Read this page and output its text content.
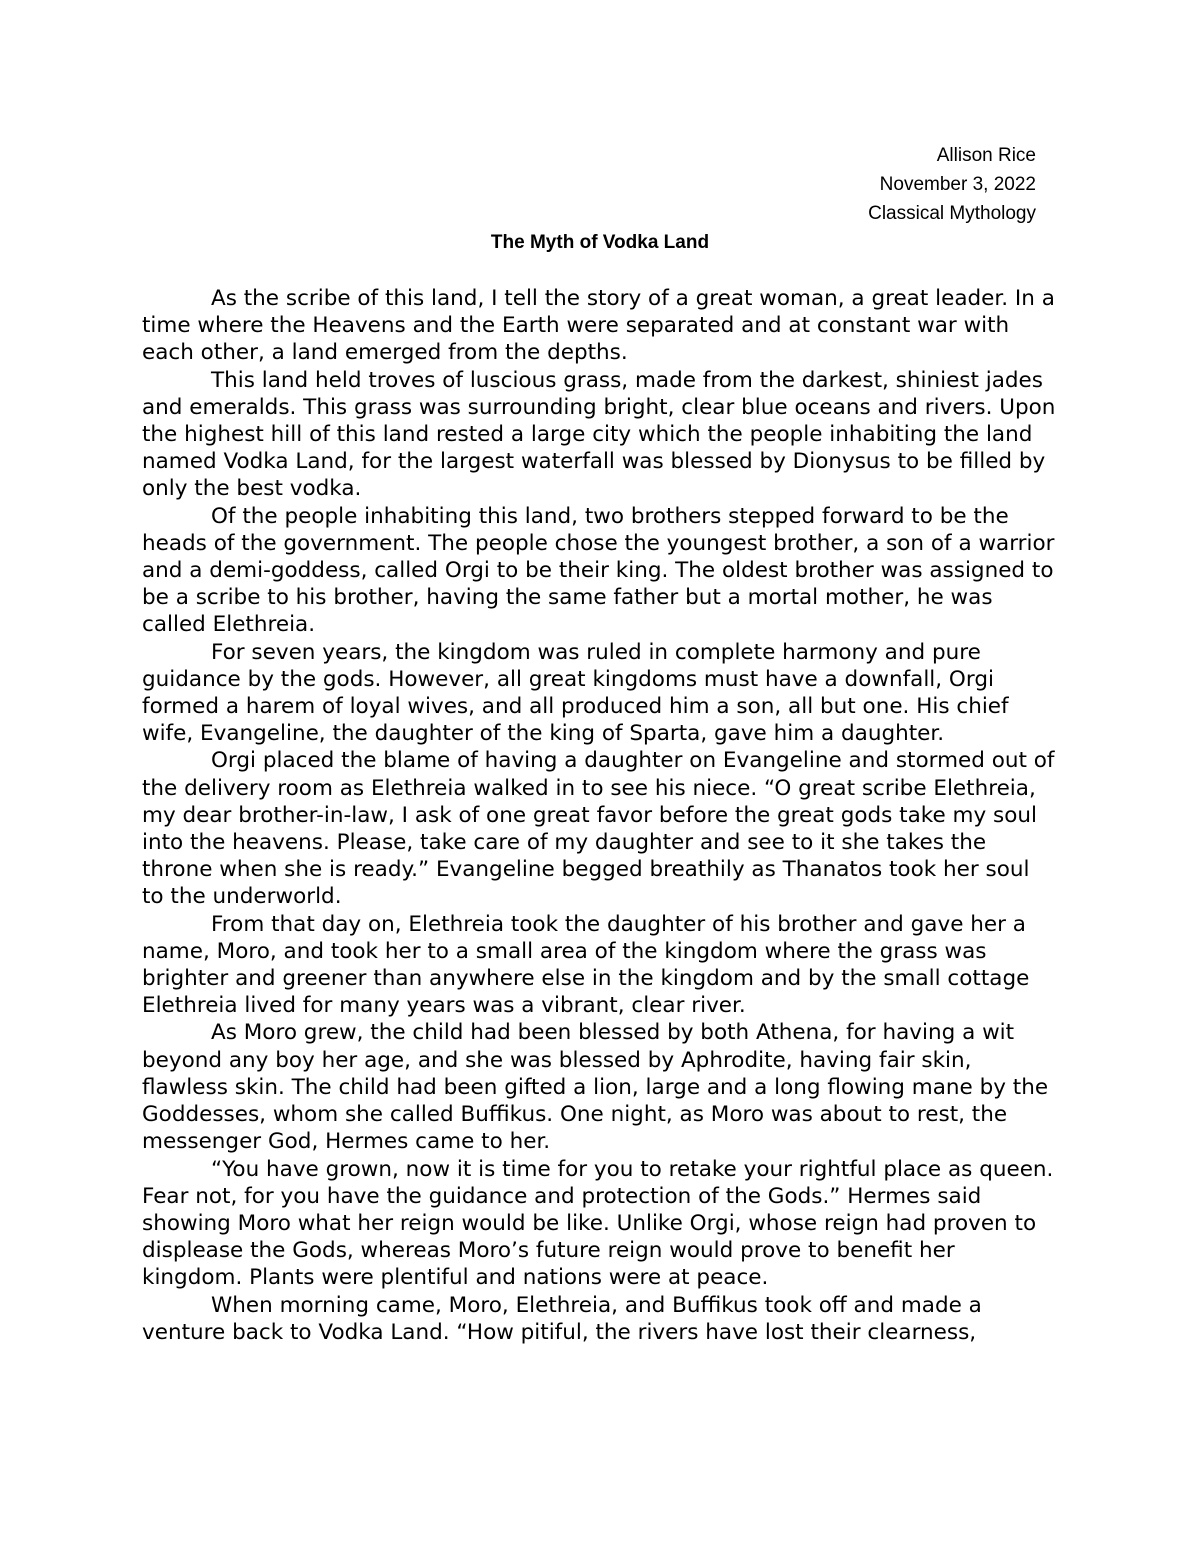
Allison Rice
November 3, 2022
Classical Mythology
The Myth of Vodka Land

As the scribe of this land, I tell the story of a great woman, a great leader. In a time where the Heavens and the Earth were separated and at constant war with each other, a land emerged from the depths.

This land held troves of luscious grass, made from the darkest, shiniest jades and emeralds. This grass was surrounding bright, clear blue oceans and rivers. Upon the highest hill of this land rested a large city which the people inhabiting the land named Vodka Land, for the largest waterfall was blessed by Dionysus to be filled by only the best vodka.

Of the people inhabiting this land, two brothers stepped forward to be the heads of the government. The people chose the youngest brother, a son of a warrior and a demi-goddess, called Orgi to be their king. The oldest brother was assigned to be a scribe to his brother, having the same father but a mortal mother, he was called Elethreia.

For seven years, the kingdom was ruled in complete harmony and pure guidance by the gods. However, all great kingdoms must have a downfall, Orgi formed a harem of loyal wives, and all produced him a son, all but one. His chief wife, Evangeline, the daughter of the king of Sparta, gave him a daughter.

Orgi placed the blame of having a daughter on Evangeline and stormed out of the delivery room as Elethreia walked in to see his niece. “O great scribe Elethreia, my dear brother-in-law, I ask of one great favor before the great gods take my soul into the heavens. Please, take care of my daughter and see to it she takes the throne when she is ready.” Evangeline begged breathily as Thanatos took her soul to the underworld.

From that day on, Elethreia took the daughter of his brother and gave her a name, Moro, and took her to a small area of the kingdom where the grass was brighter and greener than anywhere else in the kingdom and by the small cottage Elethreia lived for many years was a vibrant, clear river.

As Moro grew, the child had been blessed by both Athena, for having a wit beyond any boy her age, and she was blessed by Aphrodite, having fair skin, flawless skin. The child had been gifted a lion, large and a long flowing mane by the Goddesses, whom she called Buffikus. One night, as Moro was about to rest, the messenger God, Hermes came to her.

“You have grown, now it is time for you to retake your rightful place as queen. Fear not, for you have the guidance and protection of the Gods.” Hermes said showing Moro what her reign would be like. Unlike Orgi, whose reign had proven to displease the Gods, whereas Moro’s future reign would prove to benefit her kingdom. Plants were plentiful and nations were at peace.

When morning came, Moro, Elethreia, and Buffikus took off and made a venture back to Vodka Land. “How pitiful, the rivers have lost their clearness,
